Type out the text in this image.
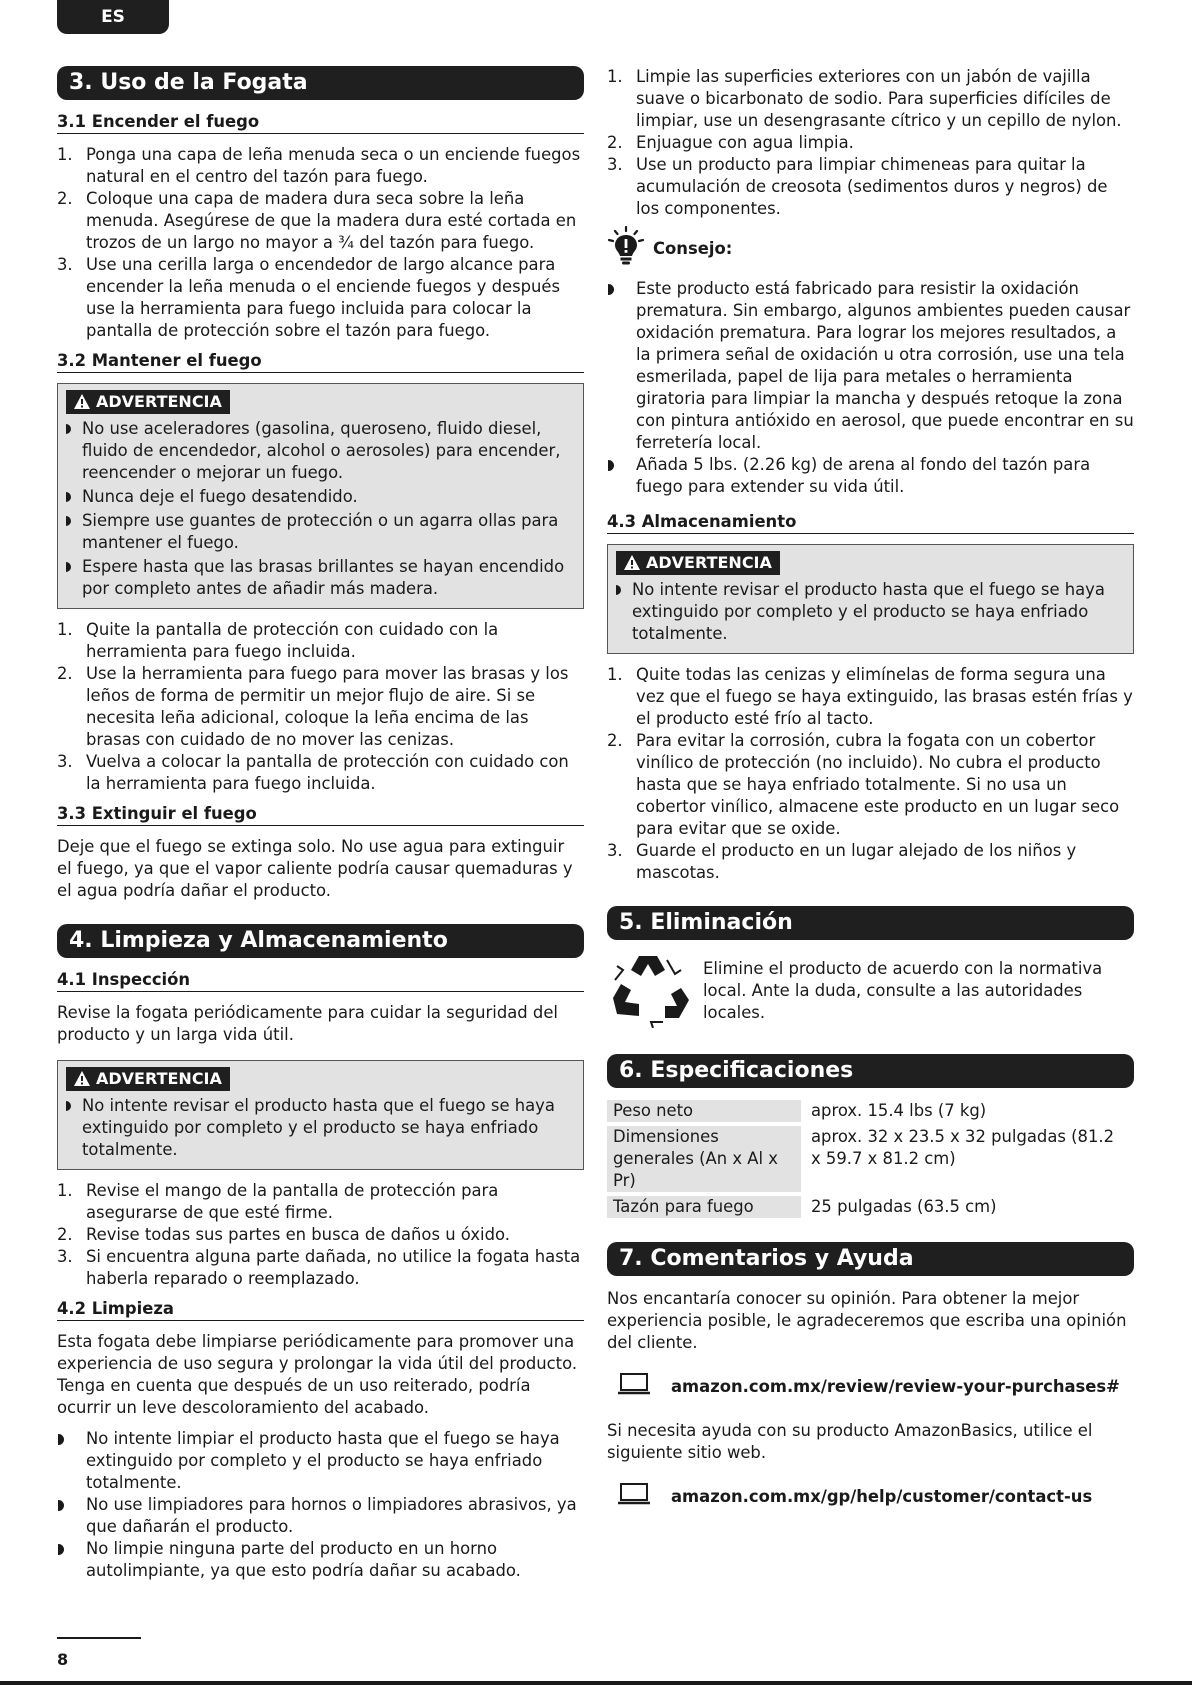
ES
3. Uso de la Fogata
3.1 Encender el fuego
1. Ponga una capa de leña menuda seca o un enciende fuegos natural en el centro del tazón para fuego.
2. Coloque una capa de madera dura seca sobre la leña menuda. Asegúrese de que la madera dura esté cortada en trozos de un largo no mayor a ¾ del tazón para fuego.
3. Use una cerilla larga o encendedor de largo alcance para encender la leña menuda o el enciende fuegos y después use la herramienta para fuego incluida para colocar la pantalla de protección sobre el tazón para fuego.
3.2 Mantener el fuego
ADVERTENCIA
No use aceleradores (gasolina, queroseno, fluido diesel, fluido de encendedor, alcohol o aerosoles) para encender, reencender o mejorar un fuego.
Nunca deje el fuego desatendido.
Siempre use guantes de protección o un agarra ollas para mantener el fuego.
Espere hasta que las brasas brillantes se hayan encendido por completo antes de añadir más madera.
1. Quite la pantalla de protección con cuidado con la herramienta para fuego incluida.
2. Use la herramienta para fuego para mover las brasas y los leños de forma de permitir un mejor flujo de aire. Si se necesita leña adicional, coloque la leña encima de las brasas con cuidado de no mover las cenizas.
3. Vuelva a colocar la pantalla de protección con cuidado con la herramienta para fuego incluida.
3.3 Extinguir el fuego

Deje que el fuego se extinga solo. No use agua para extinguir el fuego, ya que el vapor caliente podría causar quemaduras y el agua podría dañar el producto.

4. Limpieza y Almacenamiento
4.1 Inspección

Revise la fogata periódicamente para cuidar la seguridad del producto y un larga vida útil.

ADVERTENCIA
No intente revisar el producto hasta que el fuego se haya extinguido por completo y el producto se haya enfriado totalmente.
1. Revise el mango de la pantalla de protección para asegurarse de que esté firme.
2. Revise todas sus partes en busca de daños u óxido.
3. Si encuentra alguna parte dañada, no utilice la fogata hasta haberla reparado o reemplazado.
4.2 Limpieza

Esta fogata debe limpiarse periódicamente para promover una experiencia de uso segura y prolongar la vida útil del producto. Tenga en cuenta que después de un uso reiterado, podría ocurrir un leve descoloramiento del acabado.

No intente limpiar el producto hasta que el fuego se haya extinguido por completo y el producto se haya enfriado totalmente.
No use limpiadores para hornos o limpiadores abrasivos, ya que dañarán el producto.
No limpie ninguna parte del producto en un horno autolimpiante, ya que esto podría dañar su acabado.
1. Limpie las superficies exteriores con un jabón de vajilla suave o bicarbonato de sodio. Para superficies difíciles de limpiar, use un desengrasante cítrico y un cepillo de nylon.
2. Enjuague con agua limpia.
3. Use un producto para limpiar chimeneas para quitar la acumulación de creosota (sedimentos duros y negros) de los componentes.
Consejo:
Este producto está fabricado para resistir la oxidación prematura. Sin embargo, algunos ambientes pueden causar oxidación prematura. Para lograr los mejores resultados, a la primera señal de oxidación u otra corrosión, use una tela esmerilada, papel de lija para metales o herramienta giratoria para limpiar la mancha y después retoque la zona con pintura antióxido en aerosol, que puede encontrar en su ferretería local.
Añada 5 lbs. (2.26 kg) de arena al fondo del tazón para fuego para extender su vida útil.
4.3 Almacenamiento
ADVERTENCIA
No intente revisar el producto hasta que el fuego se haya extinguido por completo y el producto se haya enfriado totalmente.
1. Quite todas las cenizas y elimínelas de forma segura una vez que el fuego se haya extinguido, las brasas estén frías y el producto esté frío al tacto.
2. Para evitar la corrosión, cubra la fogata con un cobertor vinílico de protección (no incluido). No cubra el producto hasta que se haya enfriado totalmente. Si no usa un cobertor vinílico, almacene este producto en un lugar seco para evitar que se oxide.
3. Guarde el producto en un lugar alejado de los niños y mascotas.
5. Eliminación

Elimine el producto de acuerdo con la normativa local. Ante la duda, consulte a las autoridades locales.

6. Especificaciones
Peso neto		aprox. 15.4 lbs (7 kg)
Dimensiones generales (An x Al x Pr)		aprox. 32 x 23.5 x 32 pulgadas (81.2 x 59.7 x 81.2 cm)
Tazón para fuego		25 pulgadas (63.5 cm)
7. Comentarios y Ayuda

Nos encantaría conocer su opinión. Para obtener la mejor experiencia posible, le agradeceremos que escriba una opinión del cliente.

amazon.com.mx/review/review-your-purchases#

Si necesita ayuda con su producto AmazonBasics, utilice el siguiente sitio web.

amazon.com.mx/gp/help/customer/contact-us
8
